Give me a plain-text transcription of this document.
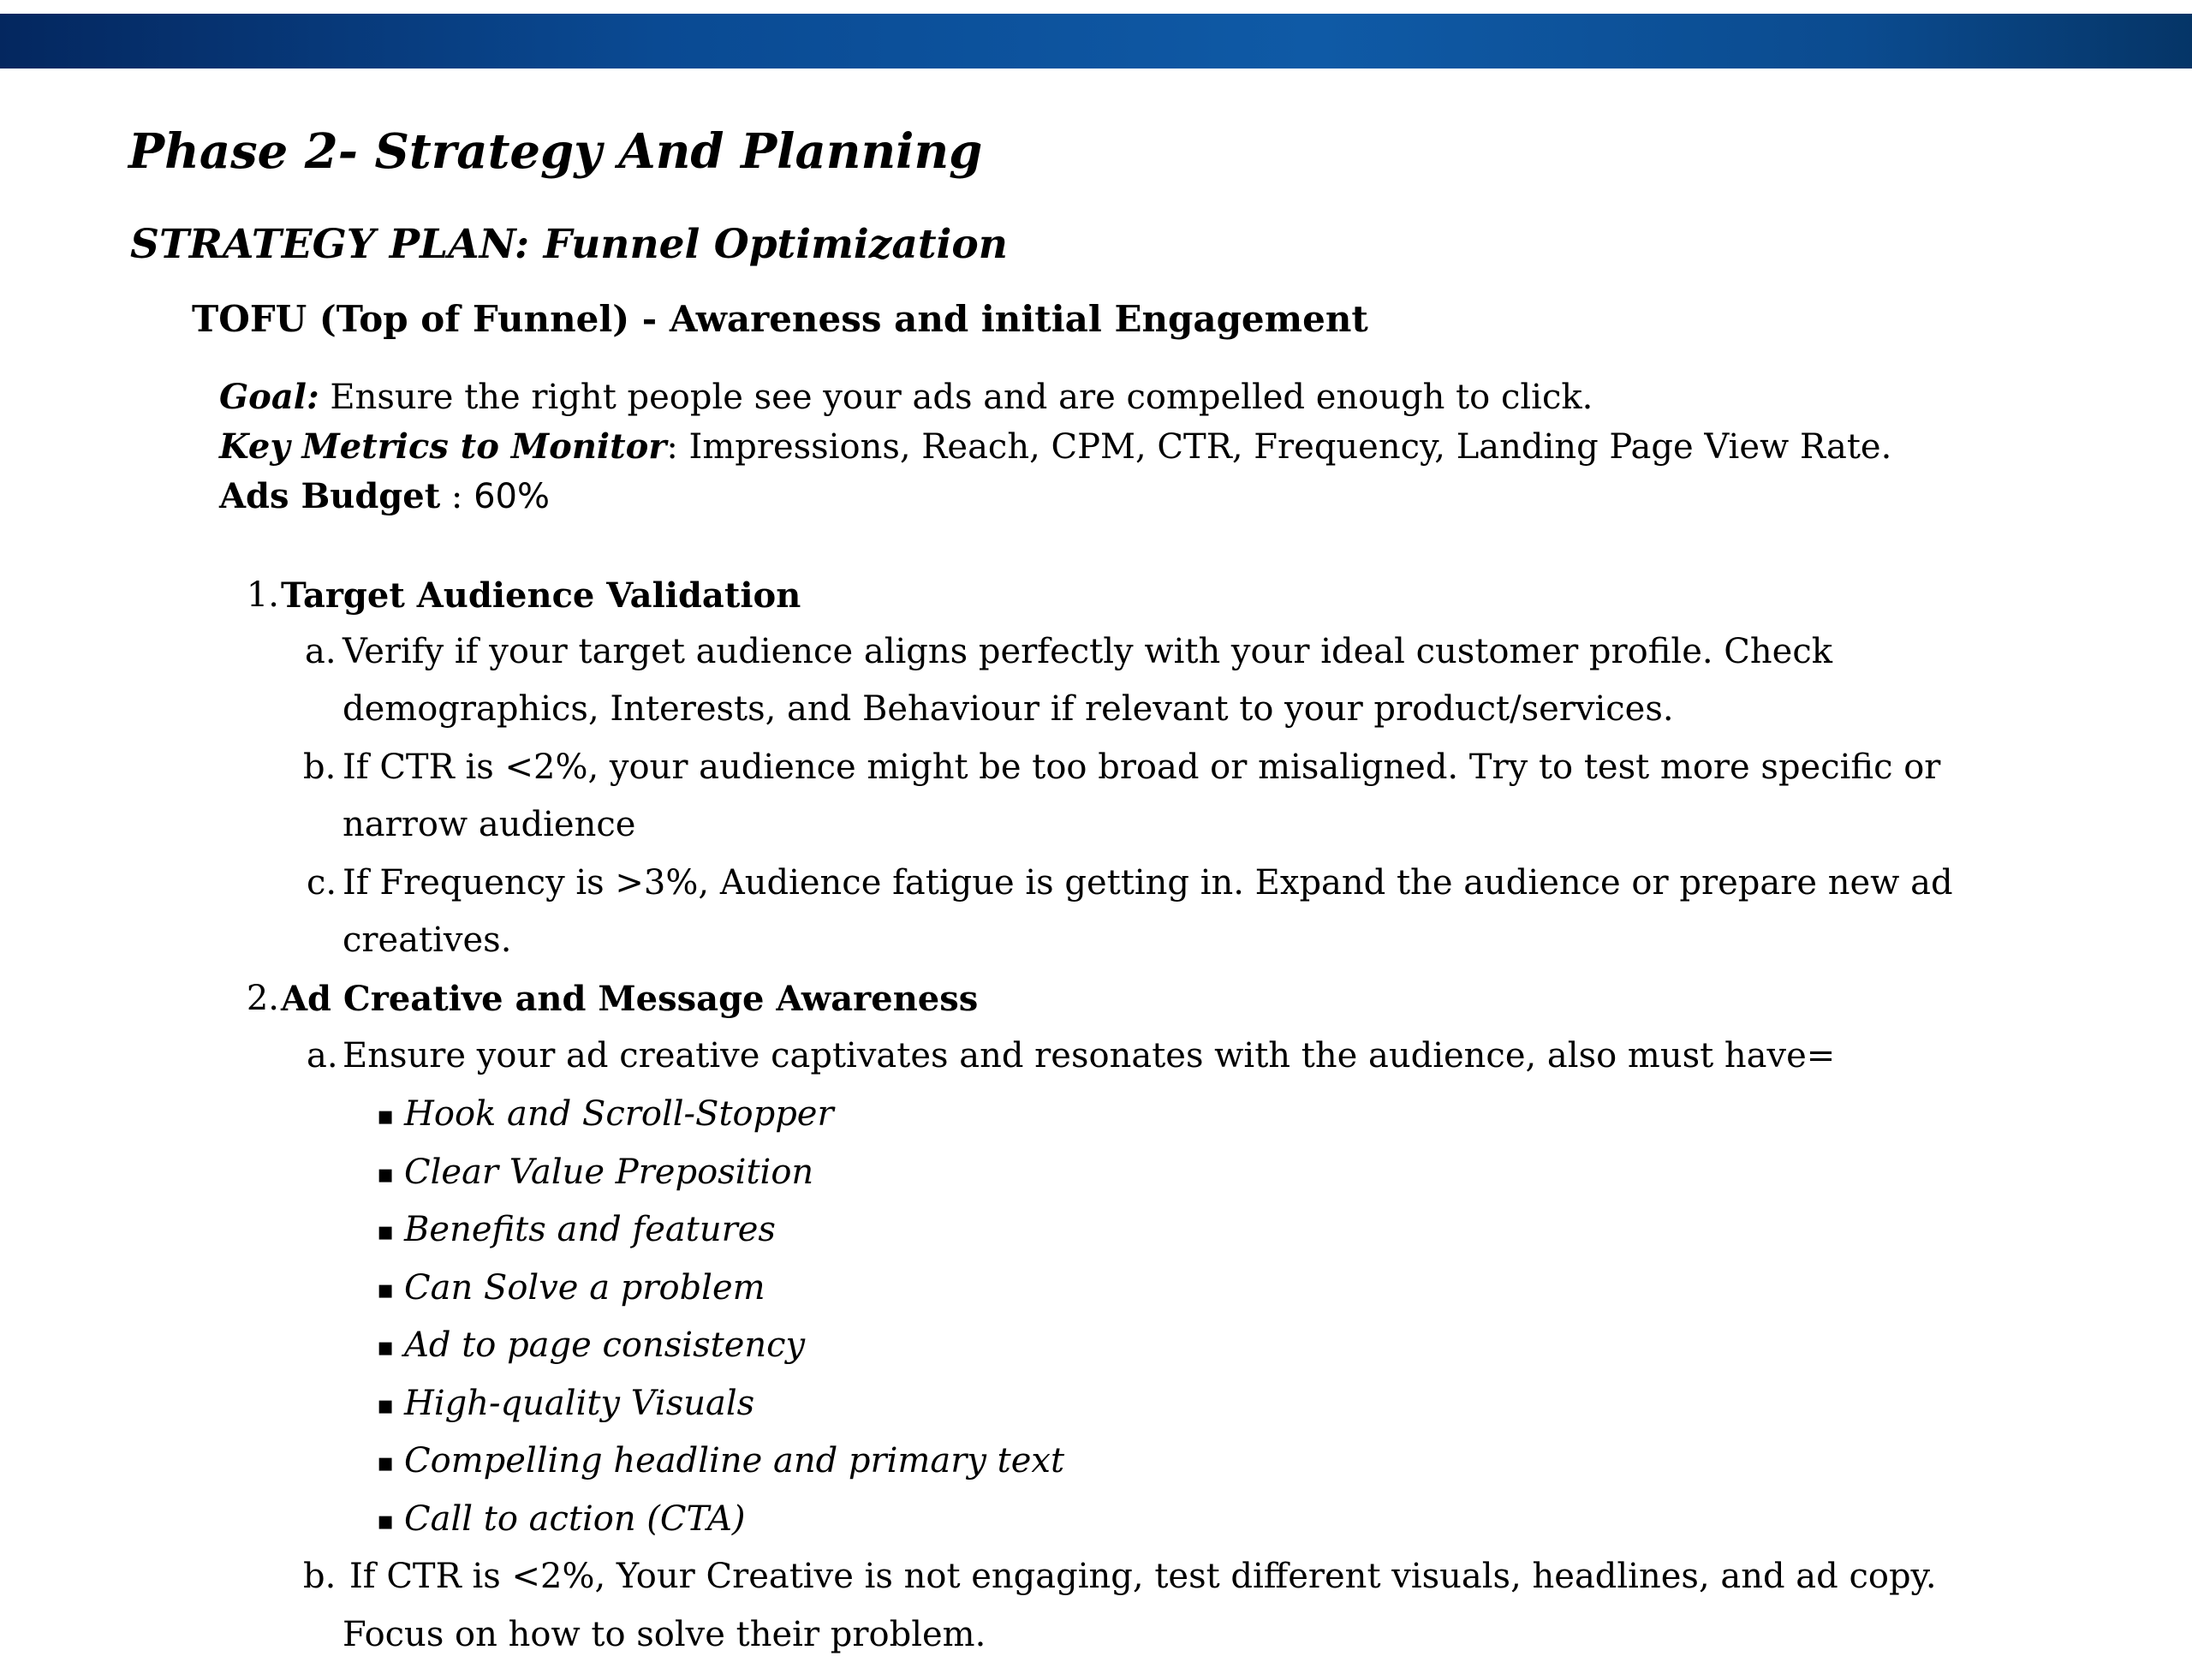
Phase 2- Strategy And Planning
STRATEGY PLAN: Funnel Optimization
TOFU (Top of Funnel) - Awareness and initial Engagement

Goal: Ensure the right people see your ads and are compelled enough to click.

Key Metrics to Monitor: Impressions, Reach, CPM, CTR, Frequency, Landing Page View Rate.

Ads Budget : 60%

1. Target Audience Validation

a. Verify if your target audience aligns perfectly with your ideal customer profile. Check

demographics, Interests, and Behaviour if relevant to your product/services.

b. If CTR is <2%, your audience might be too broad or misaligned. Try to test more specific or

narrow audience

c. If Frequency is >3%, Audience fatigue is getting in. Expand the audience or prepare new ad

creatives.

2. Ad Creative and Message Awareness

a. Ensure your ad creative captivates and resonates with the audience, also must have=

▪ Hook and Scroll-Stopper

▪ Clear Value Preposition

▪ Benefits and features

▪ Can Solve a problem

▪ Ad to page consistency

▪ High-quality Visuals

▪ Compelling headline and primary text

▪ Call to action (CTA)

b. If CTR is <2%, Your Creative is not engaging, test different visuals, headlines, and ad copy.

Focus on how to solve their problem.
